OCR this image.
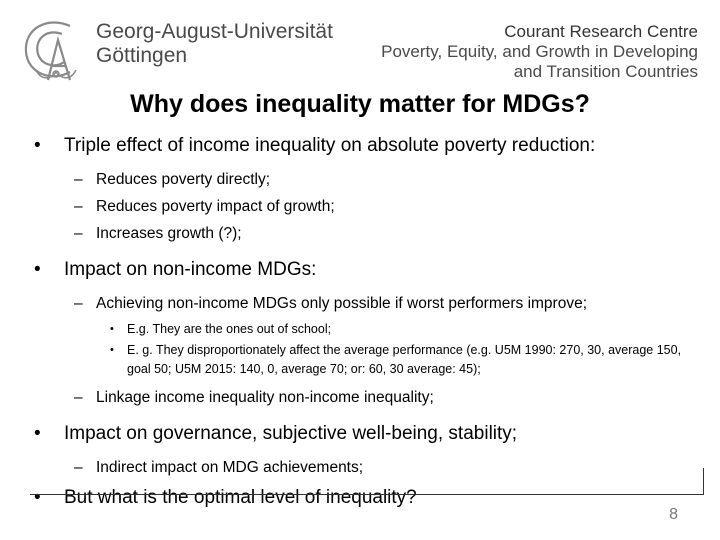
Georg-August-Universität
Göttingen
Courant Research Centre
Poverty, Equity, and Growth in Developing
and Transition Countries
Why does inequality matter for MDGs?
• Triple effect of income inequality on absolute poverty reduction:
– Reduces poverty directly;
– Reduces poverty impact of growth;
– Increases growth (?);
• Impact on non-income MDGs:
– Achieving non-income MDGs only possible if worst performers improve;
• E.g. They are the ones out of school;
• E. g. They disproportionately affect the average performance (e.g. U5M 1990: 270, 30, average 150, goal 50; U5M 2015: 140, 0, average 70; or: 60, 30 average: 45);
– Linkage income inequality non-income inequality;
• Impact on governance, subjective well-being, stability;
– Indirect impact on MDG achievements;
• But what is the optimal level of inequality?
8
